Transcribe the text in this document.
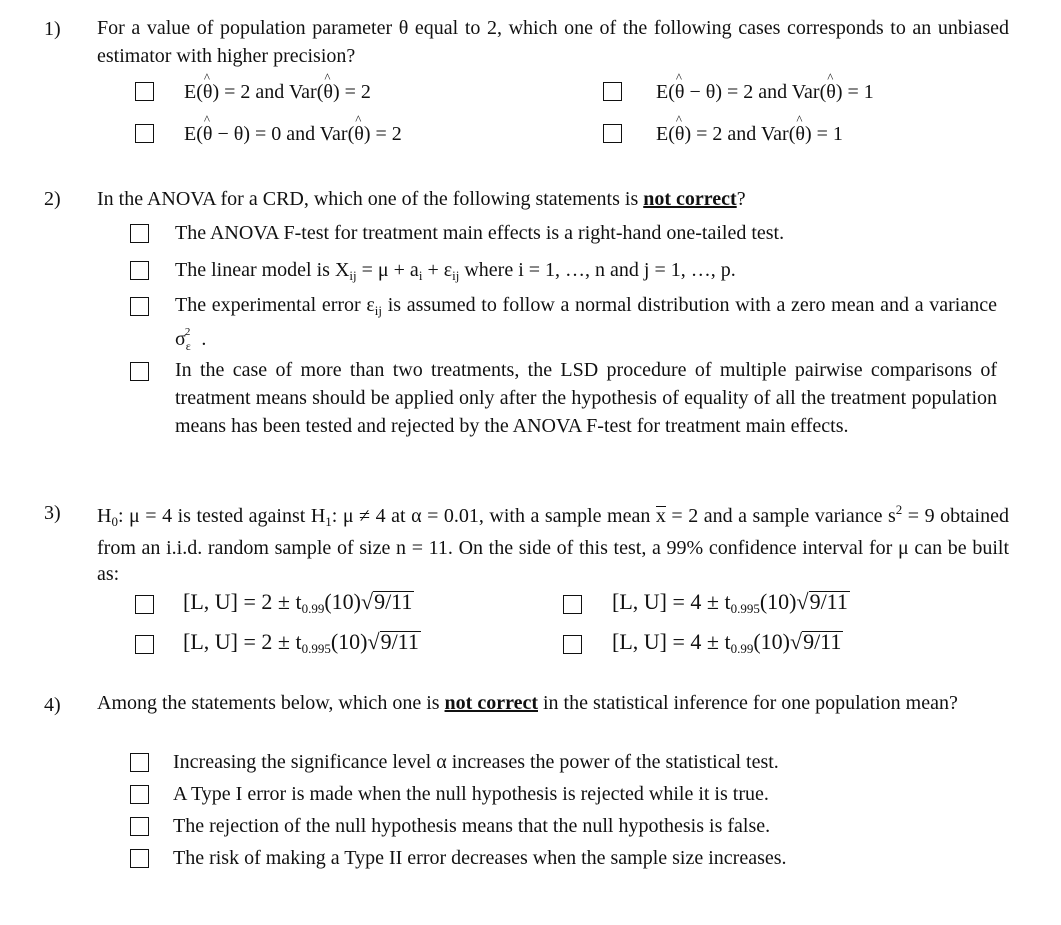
1) For a value of population parameter θ equal to 2, which one of the following cases corresponds to an unbiased estimator with higher precision?
E(^ θ) = 2 and Var(^ θ) = 2	E(^ θ − θ) = 2 and Var(^ θ) = 1
E(^ θ − θ) = 0 and Var(^ θ) = 2	E(^ θ) = 2 and Var(^ θ) = 1
2) In the ANOVA for a CRD, which one of the following statements is not correct?
The ANOVA F-test for treatment main effects is a right-hand one-tailed test.
The linear model is $X_{ij} = \mu + a_i + \varepsilon_{ij}$ where i = 1, …, n and j = 1, …, p.
The experimental error $\varepsilon_{ij}$ is assumed to follow a normal distribution with a zero mean and a variance $\sigma_\varepsilon^2$ .
In the case of more than two treatments, the LSD procedure of multiple pairwise comparisons of treatment means should be applied only after the hypothesis of equality of all the treatment population means has been tested and rejected by the ANOVA F-test for treatment main effects.
3) $H_0$: μ = 4 is tested against $H_1$: μ ≠ 4 at α = 0.01, with a sample mean x = 2 and a sample variance $s^2 = 9$ obtained from an i.i.d. random sample of size n = 11. On the side of this test, a 99% confidence interval for μ can be built as:
[L, $U] = 2 \pm t_{0.99}(10)√9/11$	[L, $U] = 4 \pm t_{0.995}(10)√9/11$
[L, $U] = 2 \pm t_{0.995}(10)√9/11$	[L, $U] = 4 \pm t_{0.99}(10)√9/11$
4) Among the statements below, which one is not correct in the statistical inference for one population mean?
Increasing the significance level α increases the power of the statistical test.
A Type I error is made when the null hypothesis is rejected while it is true.
The rejection of the null hypothesis means that the null hypothesis is false.
The risk of making a Type II error decreases when the sample size increases.
